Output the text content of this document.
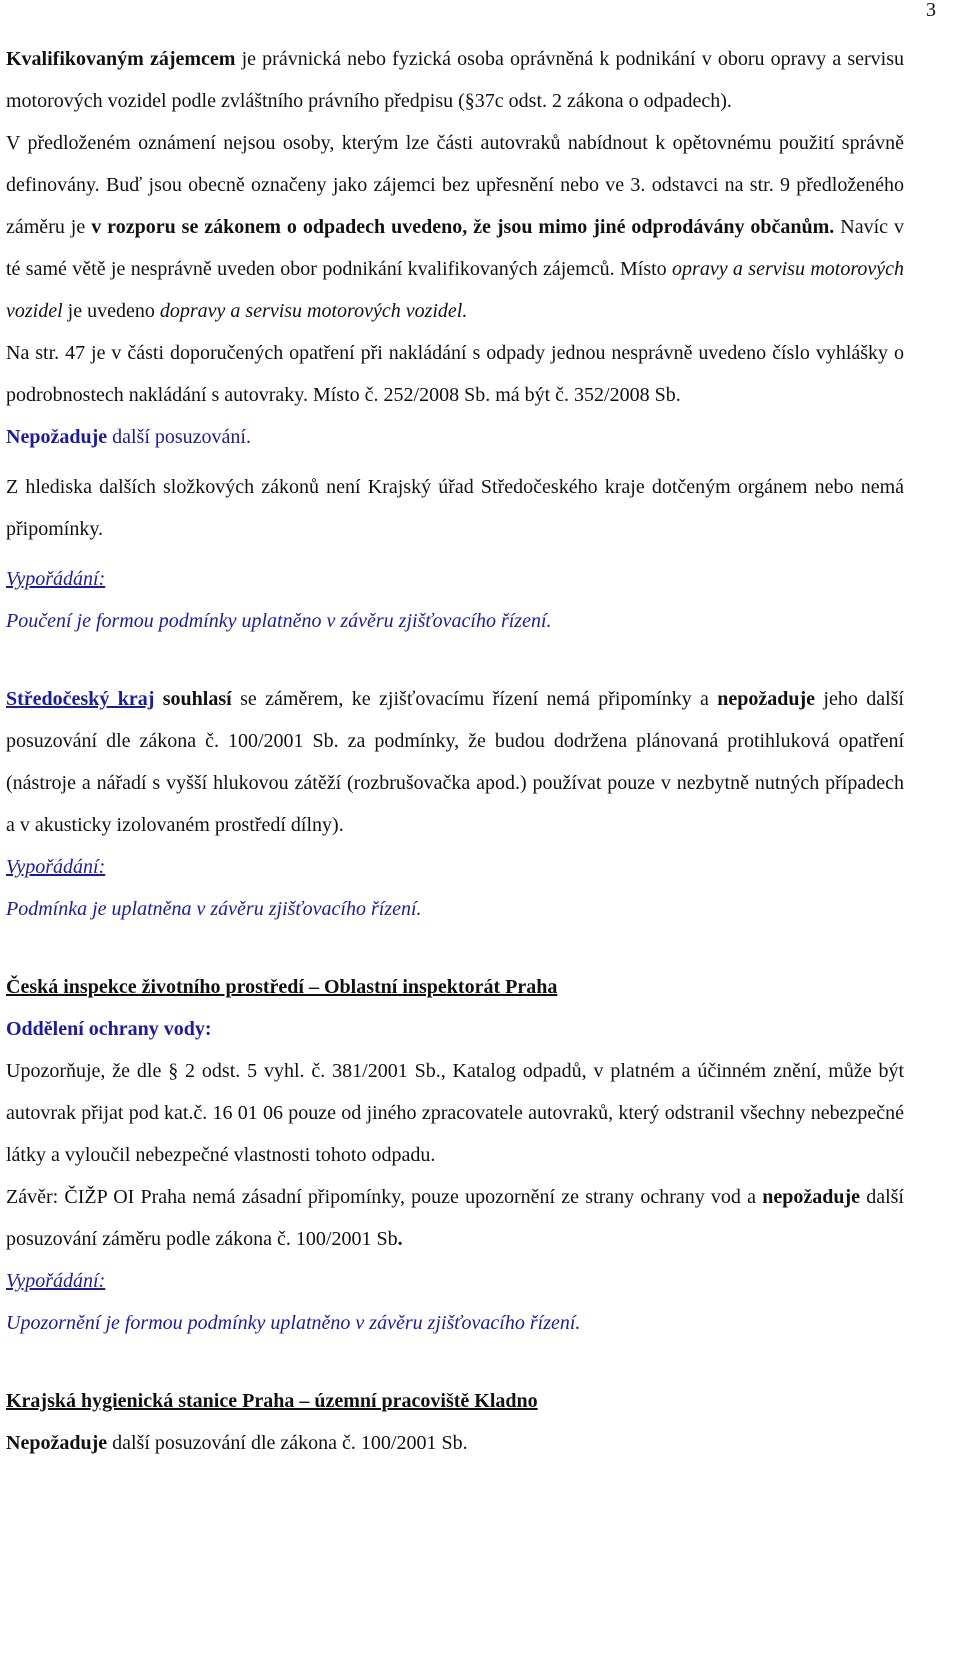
3

Kvalifikovaným zájemcem je právnická nebo fyzická osoba oprávněná k podnikání v oboru opravy a servisu motorových vozidel podle zvláštního právního předpisu (§37c odst. 2 zákona o odpadech).

V předloženém oznámení nejsou osoby, kterým lze části autovraků nabídnout k opětovnému použití správně definovány. Buď jsou obecně označeny jako zájemci bez upřesnění nebo ve 3. odstavci na str. 9 předloženého záměru je v rozporu se zákonem o odpadech uvedeno, že jsou mimo jiné odprodávány občanům. Navíc v té samé větě je nesprávně uveden obor podnikání kvalifikovaných zájemců. Místo opravy a servisu motorových vozidel je uvedeno dopravy a servisu motorových vozidel.

Na str. 47 je v části doporučených opatření při nakládání s odpady jednou nesprávně uvedeno číslo vyhlášky o podrobnostech nakládání s autovraky. Místo č. 252/2008 Sb. má být č. 352/2008 Sb.

Nepožaduje další posuzování.

Z hlediska dalších složkových zákonů není Krajský úřad Středočeského kraje dotčeným orgánem nebo nemá připomínky.

Vypořádání:

Poučení je formou podmínky uplatněno v závěru zjišťovacího řízení.

Středočeský kraj souhlasí se záměrem, ke zjišťovacímu řízení nemá připomínky a nepožaduje jeho další posuzování dle zákona č. 100/2001 Sb. za podmínky, že budou dodržena plánovaná protihluková opatření (nástroje a nářadí s vyšší hlukovou zátěží (rozbrušovačka apod.) používat pouze v nezbytně nutných případech a v akusticky izolovaném prostředí dílny).

Vypořádání:

Podmínka je uplatněna v závěru zjišťovacího řízení.

Česká inspekce životního prostředí – Oblastní inspektorát Praha

Oddělení ochrany vody:

Upozorňuje, že dle § 2 odst. 5 vyhl. č. 381/2001 Sb., Katalog odpadů, v platném a účinném znění, může být autovrak přijat pod kat.č. 16 01 06 pouze od jiného zpracovatele autovraků, který odstranil všechny nebezpečné látky a vyloučil nebezpečné vlastnosti tohoto odpadu.

Závěr: ČIŽP OI Praha nemá zásadní připomínky, pouze upozornění ze strany ochrany vod a nepožaduje další posuzování záměru podle zákona č. 100/2001 Sb.

Vypořádání:

Upozornění je formou podmínky uplatněno v závěru zjišťovacího řízení.

Krajská hygienická stanice Praha – územní pracoviště Kladno

Nepožaduje další posuzování dle zákona č. 100/2001 Sb.
